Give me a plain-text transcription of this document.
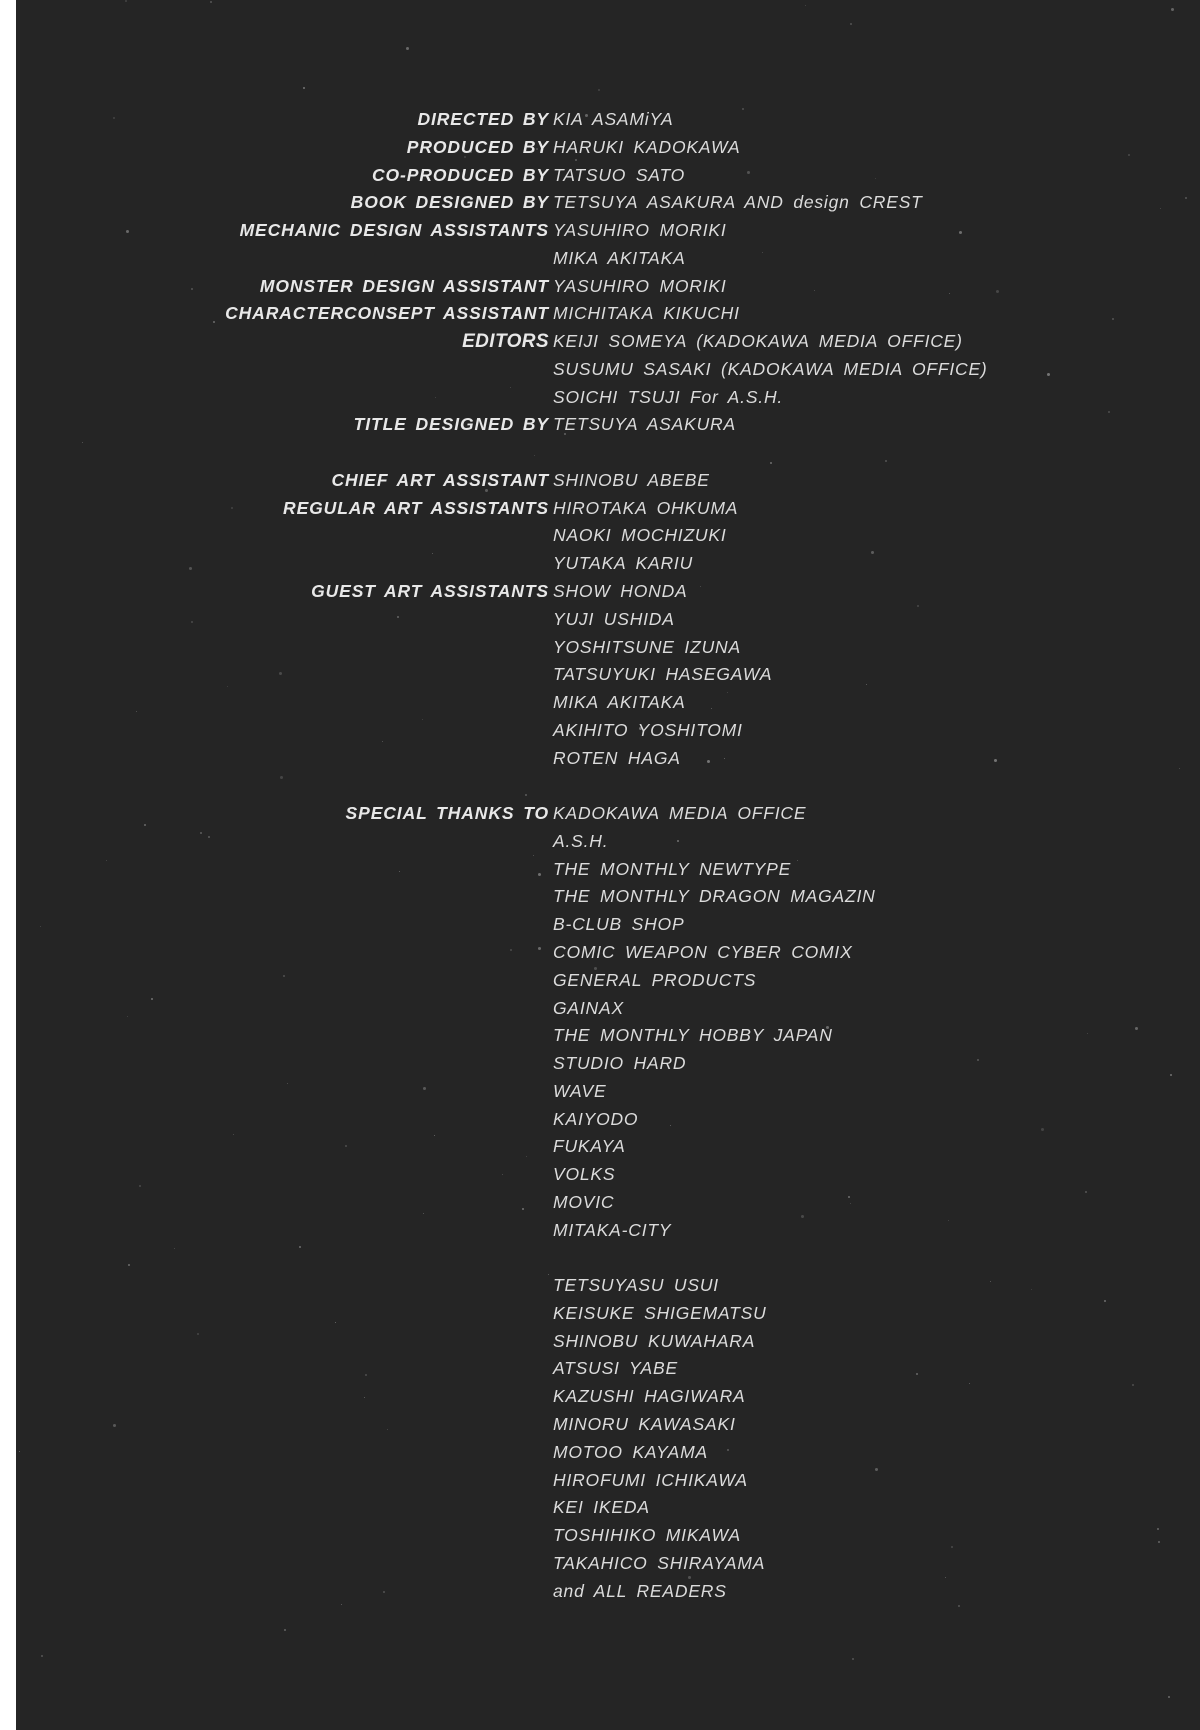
DIRECTED BY KIA ASAMiYA
PRODUCED BY HARUKI KADOKAWA
CO-PRODUCED BY TATSUO SATO
BOOK DESIGNED BY TETSUYA ASAKURA AND design CREST
MECHANIC DESIGN ASSISTANTS YASUHIRO MORIKI
MIKA AKITAKA
MONSTER DESIGN ASSISTANT YASUHIRO MORIKI
CHARACTERCONSEPT ASSISTANT MICHITAKA KIKUCHI
EDITORS KEIJI SOMEYA (KADOKAWA MEDIA OFFICE)
SUSUMU SASAKI (KADOKAWA MEDIA OFFICE)
SOICHI TSUJI For A.S.H.
TITLE DESIGNED BY TETSUYA ASAKURA
CHIEF ART ASSISTANT SHINOBU ABEBE
REGULAR ART ASSISTANTS HIROTAKA OHKUMA
NAOKI MOCHIZUKI
YUTAKA KARIU
GUEST ART ASSISTANTS SHOW HONDA
YUJI USHIDA
YOSHITSUNE IZUNA
TATSUYUKI HASEGAWA
MIKA AKITAKA
AKIHITO YOSHITOMI
ROTEN HAGA
SPECIAL THANKS TO KADOKAWA MEDIA OFFICE
A.S.H.
THE MONTHLY NEWTYPE
THE MONTHLY DRAGON MAGAZIN
B-CLUB SHOP
COMIC WEAPON CYBER COMIX
GENERAL PRODUCTS
GAINAX
THE MONTHLY HOBBY JAPAN
STUDIO HARD
WAVE
KAIYODO
FUKAYA
VOLKS
MOVIC
MITAKA-CITY
TETSUYASU USUI
KEISUKE SHIGEMATSU
SHINOBU KUWAHARA
ATSUSI YABE
KAZUSHI HAGIWARA
MINORU KAWASAKI
MOTOO KAYAMA
HIROFUMI ICHIKAWA
KEI IKEDA
TOSHIHIKO MIKAWA
TAKAHICO SHIRAYAMA
and ALL READERS
